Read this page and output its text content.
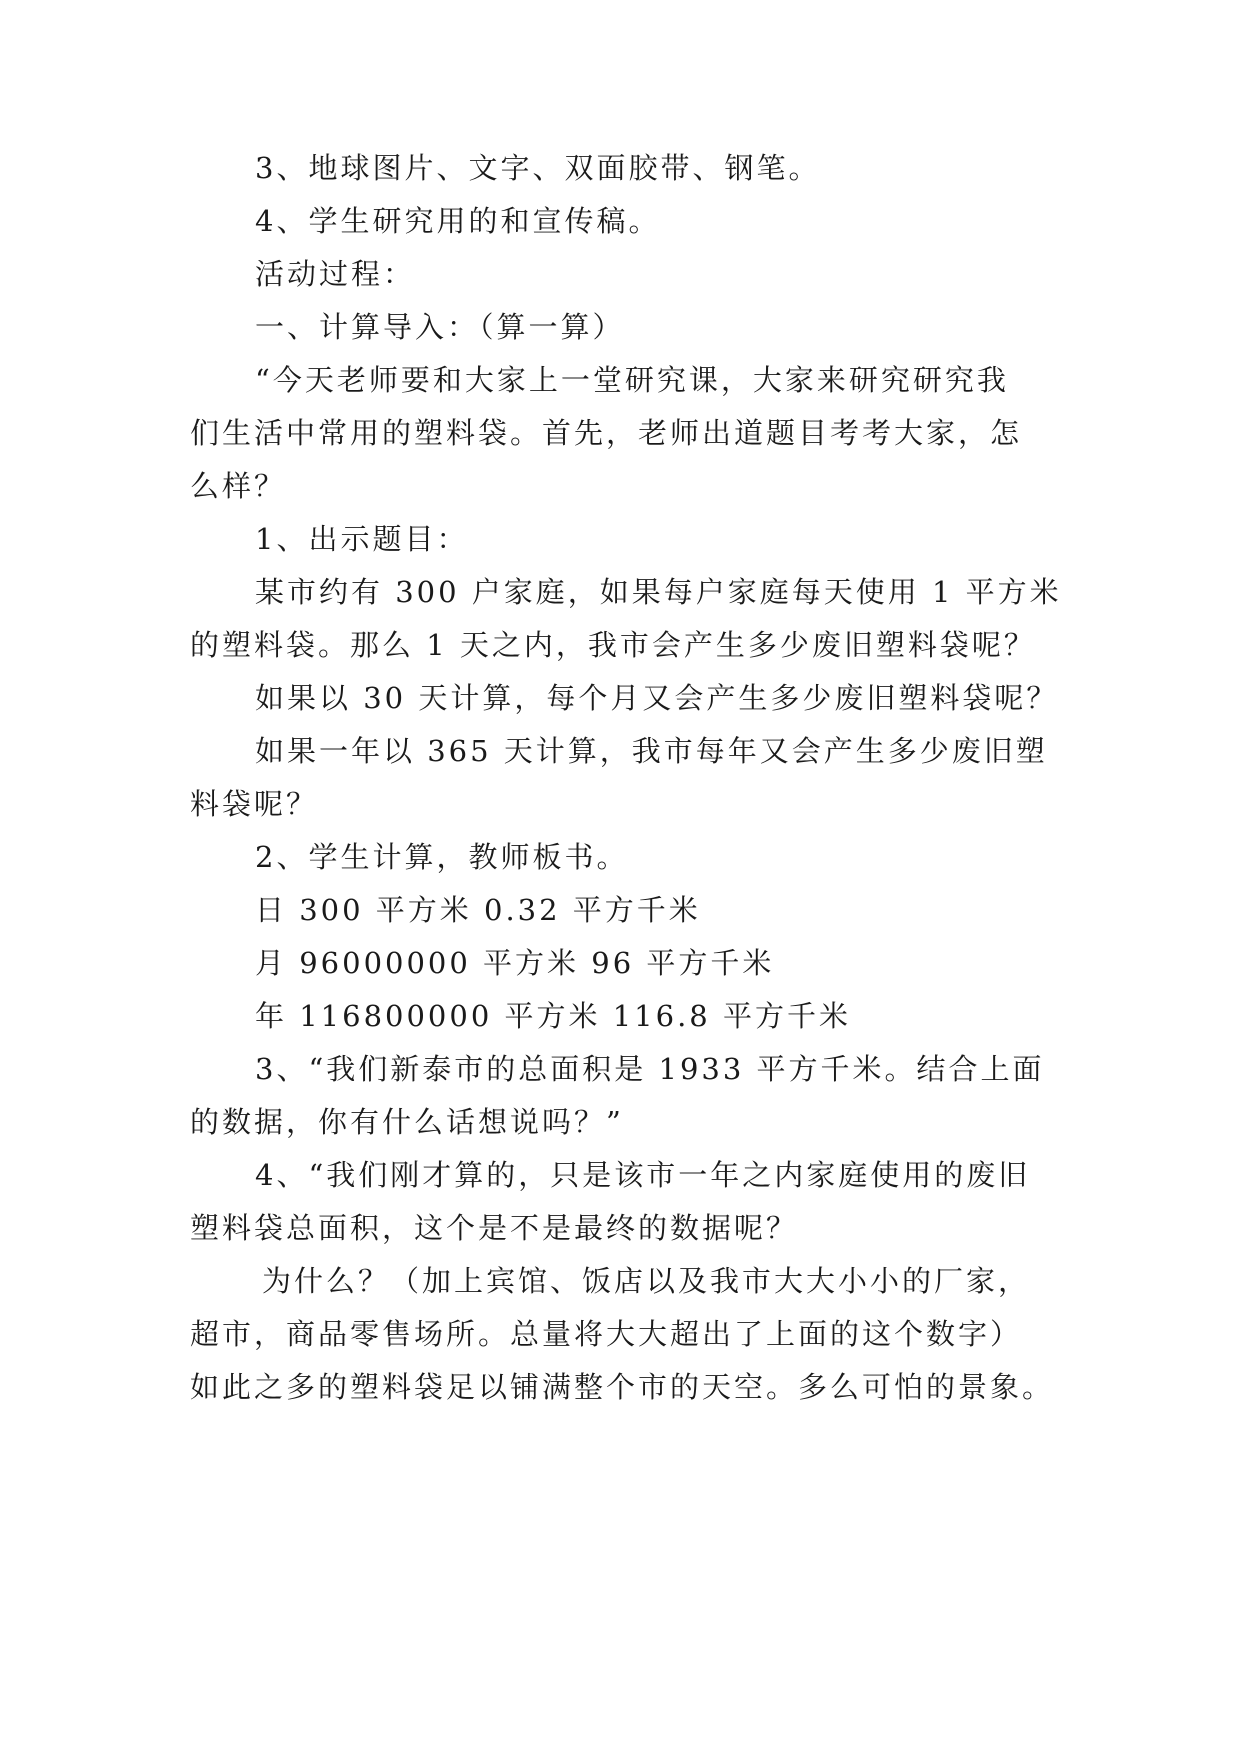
3、地球图片、文字、双面胶带、钢笔。
4、学生研究用的和宣传稿。
活动过程：
一、计算导入：（算一算）
“今天老师要和大家上一堂研究课，大家来研究研究我
们生活中常用的塑料袋。首先，老师出道题目考考大家，怎
么样？
1、出示题目：
某市约有 300 户家庭，如果每户家庭每天使用 1 平方米
的塑料袋。那么 1 天之内，我市会产生多少废旧塑料袋呢？
如果以 30 天计算，每个月又会产生多少废旧塑料袋呢？
如果一年以 365 天计算，我市每年又会产生多少废旧塑
料袋呢？
2、学生计算，教师板书。
日 300 平方米 0.32 平方千米
月 96000000 平方米 96 平方千米
年 116800000 平方米 116.8 平方千米
3、“我们新泰市的总面积是 1933 平方千米。结合上面
的数据，你有什么话想说吗？”
4、“我们刚才算的，只是该市一年之内家庭使用的废旧
塑料袋总面积，这个是不是最终的数据呢？
为什么？（加上宾馆、饭店以及我市大大小小的厂家，
超市，商品零售场所。总量将大大超出了上面的这个数字）
如此之多的塑料袋足以铺满整个市的天空。多么可怕的景象。
